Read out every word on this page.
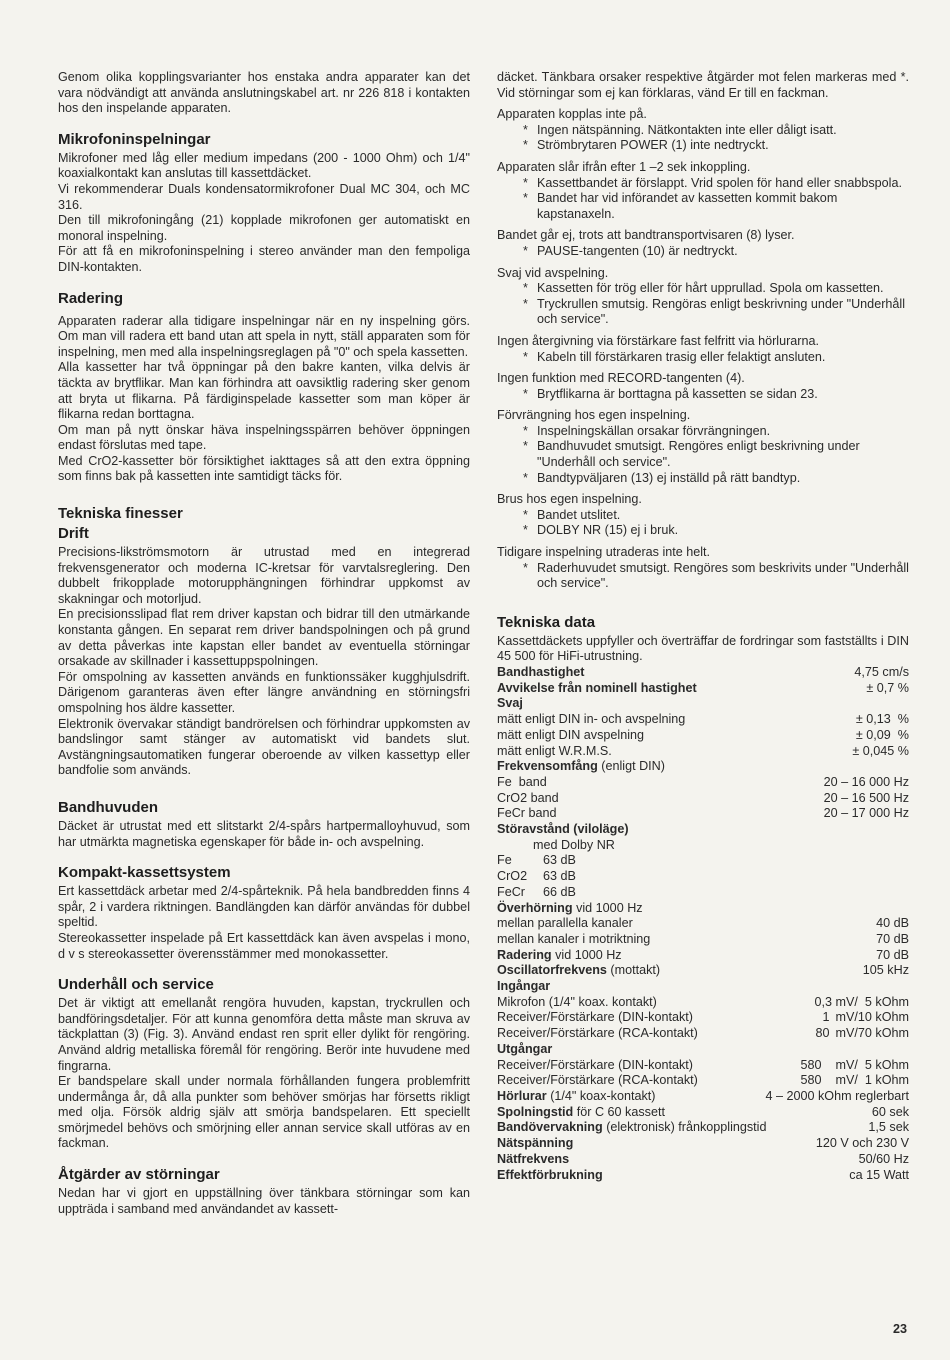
Genom olika kopplingsvarianter hos enstaka andra apparater kan det vara nödvändigt att använda anslutningskabel art. nr 226 818 i kontakten hos den inspelande apparaten.

Mikrofoninspelningar

Mikrofoner med låg eller medium impedans (200 - 1000 Ohm) och 1/4" koaxialkontakt kan anslutas till kassettdäcket.

Vi rekommenderar Duals kondensatormikrofoner Dual MC 304, och MC 316.

Den till mikrofoningång (21) kopplade mikrofonen ger automatiskt en monoral inspelning.

För att få en mikrofoninspelning i stereo använder man den fempoliga DIN-kontakten.

Radering

Apparaten raderar alla tidigare inspelningar när en ny inspelning görs. Om man vill radera ett band utan att spela in nytt, ställ apparaten som för inspelning, men med alla inspelningsreglagen på "0" och spela kassetten.

Alla kassetter har två öppningar på den bakre kanten, vilka delvis är täckta av brytflikar. Man kan förhindra att oavsiktlig radering sker genom att bryta ut flikarna. På färdiginspelade kassetter som man köper är flikarna redan borttagna.

Om man på nytt önskar häva inspelningsspärren behöver öppningen endast förslutas med tape.

Med CrO2-kassetter bör försiktighet iakttages så att den extra öppning som finns bak på kassetten inte samtidigt täcks för.

Tekniska finesser
Drift

Precisions-likströmsmotorn är utrustad med en integrerad frekvensgenerator och moderna IC-kretsar för varvtalsreglering. Den dubbelt frikopplade motorupphängningen förhindrar uppkomst av skakningar och motorljud.

En precisionsslipad flat rem driver kapstan och bidrar till den utmärkande konstanta gången. En separat rem driver bandspolningen och på grund av detta påverkas inte kapstan eller bandet av eventuella störningar orsakade av skillnader i kassettuppspolningen.

För omspolning av kassetten används en funktionssäker kugghjulsdrift. Därigenom garanteras även efter längre användning en störningsfri omspolning hos äldre kassetter.

Elektronik övervakar ständigt bandrörelsen och förhindrar uppkomsten av bandslingor samt stänger av automatiskt vid bandets slut. Avstängningsautomatiken fungerar oberoende av vilken kassettyp eller bandfolie som används.

Bandhuvuden

Däcket är utrustat med ett slitstarkt 2/4-spårs hartpermalloyhuvud, som har utmärkta magnetiska egenskaper för både in- och avspelning.

Kompakt-kassettsystem

Ert kassettdäck arbetar med 2/4-spårteknik. På hela bandbredden finns 4 spår, 2 i vardera riktningen. Bandlängden kan därför användas för dubbel speltid.

Stereokassetter inspelade på Ert kassettdäck kan även avspelas i mono, d v s stereokassetter överensstämmer med monokassetter.

Underhåll och service

Det är viktigt att emellanåt rengöra huvuden, kapstan, tryckrullen och bandföringsdetaljer. För att kunna genomföra detta måste man skruva av täckplattan (3) (Fig. 3). Använd endast ren sprit eller dylikt för rengöring. Använd aldrig metalliska föremål för rengöring. Berör inte huvudene med fingrarna.

Er bandspelare skall under normala förhållanden fungera problemfritt undermånga år, då alla punkter som behöver smörjas har försetts rikligt med olja. Försök aldrig själv att smörja bandspelaren. Ett speciellt smörjmedel behövs och smörjning eller annan service skall utföras av en fackman.

Åtgärder av störningar

Nedan har vi gjort en uppställning över tänkbara störningar som kan uppträda i samband med användandet av kassett-

däcket. Tänkbara orsaker respektive åtgärder mot felen markeras med *. Vid störningar som ej kan förklaras, vänd Er till en fackman.

Apparaten kopplas inte på.

* Ingen nätspänning. Nätkontakten inte eller dåligt isatt.

* Strömbrytaren POWER (1) inte nedtryckt.

Apparaten slår ifrån efter 1 –2 sek inkoppling.

* Kassettbandet är förslappt. Vrid spolen för hand eller snabbspola.

* Bandet har vid införandet av kassetten kommit bakom kapstanaxeln.

Bandet går ej, trots att bandtransportvisaren (8) lyser.

* PAUSE-tangenten (10) är nedtryckt.

Svaj vid avspelning.

* Kassetten för trög eller för hårt upprullad. Spola om kassetten.

* Tryckrullen smutsig. Rengöras enligt beskrivning under "Underhåll och service".

Ingen återgivning via förstärkare fast felfritt via hörlurarna.

* Kabeln till förstärkaren trasig eller felaktigt ansluten.

Ingen funktion med RECORD-tangenten (4).

* Brytflikarna är borttagna på kassetten se sidan 23.

Förvrängning hos egen inspelning.

* Inspelningskällan orsakar förvrängningen.

* Bandhuvudet smutsigt. Rengöres enligt beskrivning under "Underhåll och service".

* Bandtypväljaren (13) ej inställd på rätt bandtyp.

Brus hos egen inspelning.

* Bandet utslitet.

* DOLBY NR (15) ej i bruk.

Tidigare inspelning utraderas inte helt.

* Raderhuvudet smutsigt. Rengöres som beskrivits under "Underhåll och service".

Tekniska data

Kassettdäckets uppfyller och överträffar de fordringar som fastställts i DIN 45 500 för HiFi-utrustning.

Bandhastighet	4,75 cm/s
Avvikelse från nominell hastighet	± 0,7 %
Svaj
mätt enligt DIN in- och avspelning	± 0,13  %
mätt enligt DIN avspelning	± 0,09  %
mätt enligt W.R.M.S.	± 0,045 %
Frekvensomfång (enligt DIN)
Fe  band	20 – 16 000 Hz
CrO2 band	20 – 16 500 Hz
FeCr band	20 – 17 000 Hz
Störavstånd (viloläge)
med Dolby NR
Fe 63 dB
CrO2 63 dB
FeCr 66 dB
Överhörning vid 1000 Hz
mellan parallella kanaler	40 dB
mellan kanaler i motriktning	70 dB
Radering vid 1000 Hz	70 dB
Oscillatorfrekvens (mottakt)	105 kHz
Ingångar
Mikrofon (1/4" koax. kontakt)	0,3 mV/  5 kOhm
Receiver/Förstärkare (DIN-kontakt)	1 mV/10 kOhm
Receiver/Förstärkare (RCA-kontakt)	80 mV/70 kOhm
Utgångar
Receiver/Förstärkare (DIN-kontakt)	580 mV/  5 kOhm
Receiver/Förstärkare (RCA-kontakt)	580 mV/  1 kOhm
Hörlurar (1/4" koax-kontakt)	4 – 2000 kOhm reglerbart
Spolningstid för C 60 kassett	60 sek
Bandövervakning (elektronisk) frånkopplingstid	1,5 sek
Nätspänning	120 V och 230 V
Nätfrekvens	50/60 Hz
Effektförbrukning	ca 15 Watt
23
